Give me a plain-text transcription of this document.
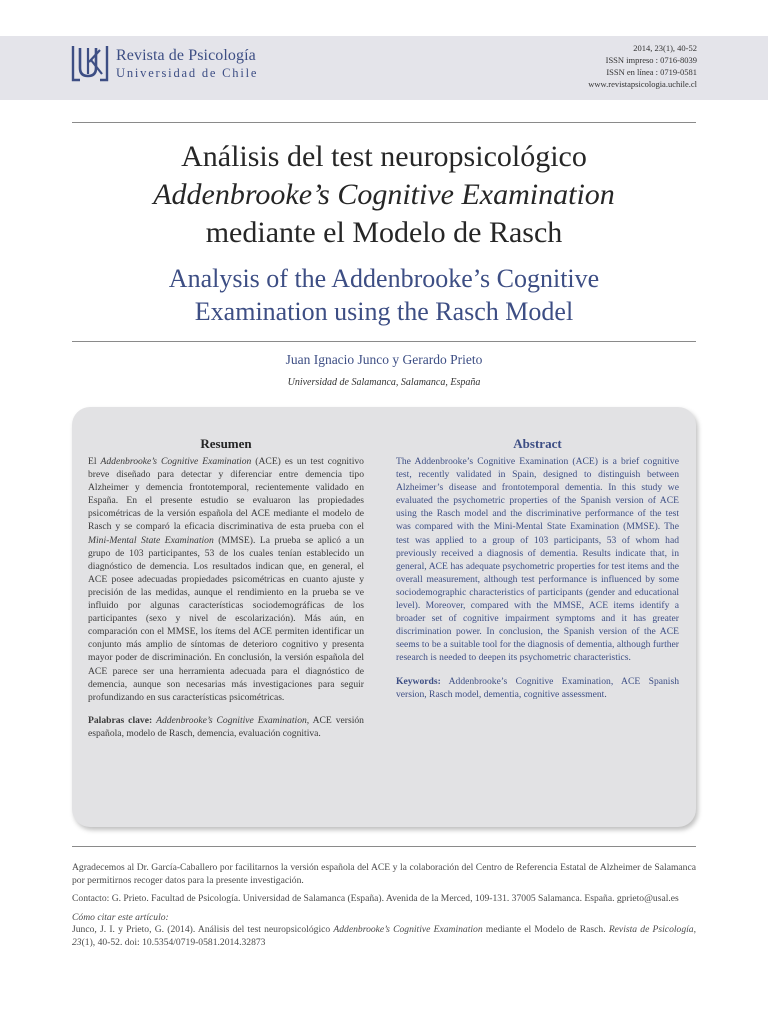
Revista de Psicología
Universidad de Chile
2014, 23(1), 40-52
ISSN impreso : 0716-8039
ISSN en línea : 0719-0581
www.revistapsicologia.uchile.cl
Análisis del test neuropsicológico
Addenbrooke’s Cognitive Examination
mediante el Modelo de Rasch
Analysis of the Addenbrooke’s Cognitive
Examination using the Rasch Model
Juan Ignacio Junco y Gerardo Prieto
Universidad de Salamanca, Salamanca, España
Resumen

El Addenbrooke’s Cognitive Examination (ACE) es un test cognitivo breve diseñado para detectar y diferenciar entre demencia tipo Alzheimer y demencia frontotemporal, recientemente validado en España. En el presente estudio se evaluaron las propiedades psicométricas de la versión española del ACE mediante el modelo de Rasch y se comparó la eficacia discriminativa de esta prueba con el Mini-Mental State Examination (MMSE). La prueba se aplicó a un grupo de 103 participantes, 53 de los cuales tenían establecido un diagnóstico de demencia. Los resultados indican que, en general, el ACE posee adecuadas propiedades psicométricas en cuanto ajuste y precisión de las medidas, aunque el rendimiento en la prueba se ve influido por algunas características sociodemográficas de los participantes (sexo y nivel de escolarización). Más aún, en comparación con el MMSE, los ítems del ACE permiten identificar un conjunto más amplio de síntomas de deterioro cognitivo y presenta mayor poder de discriminación. En conclusión, la versión española del ACE parece ser una herramienta adecuada para el diagnóstico de demencia, aunque son necesarias más investigaciones para seguir profundizando en sus características psicométricas.

Palabras clave: Addenbrooke’s Cognitive Examination, ACE versión española, modelo de Rasch, demencia, evaluación cognitiva.

Abstract

The Addenbrooke’s Cognitive Examination (ACE) is a brief cognitive test, recently validated in Spain, designed to distinguish between Alzheimer’s disease and frontotemporal dementia. In this study we evaluated the psychometric properties of the Spanish version of ACE using the Rasch model and the discriminative performance of the test was compared with the Mini-Mental State Examination (MMSE). The test was applied to a group of 103 participants, 53 of whom had previously received a diagnosis of dementia. Results indicate that, in general, ACE has adequate psychometric properties for test items and the overall measurement, although test performance is influenced by some sociodemographic characteristics of participants (gender and educational level). Moreover, compared with the MMSE, ACE items identify a broader set of cognitive impairment symptoms and it has greater discrimination power. In conclusion, the Spanish version of the ACE seems to be a suitable tool for the diagnosis of dementia, although further research is needed to deepen its psychometric characteristics.

Keywords: Addenbrooke’s Cognitive Examination, ACE Spanish version, Rasch model, dementia, cognitive assessment.

Agradecemos al Dr. García-Caballero por facilitarnos la versión española del ACE y la colaboración del Centro de Referencia Estatal de Alzheimer de Salamanca por permitirnos recoger datos para la presente investigación.

Contacto: G. Prieto. Facultad de Psicología. Universidad de Salamanca (España). Avenida de la Merced, 109-131. 37005 Salamanca. España. gprieto@usal.es

Cómo citar este artículo:

Junco, J. I. y Prieto, G. (2014). Análisis del test neuropsicológico Addenbrooke’s Cognitive Examination mediante el Modelo de Rasch. Revista de Psicología, 23(1), 40-52. doi: 10.5354/0719-0581.2014.32873
